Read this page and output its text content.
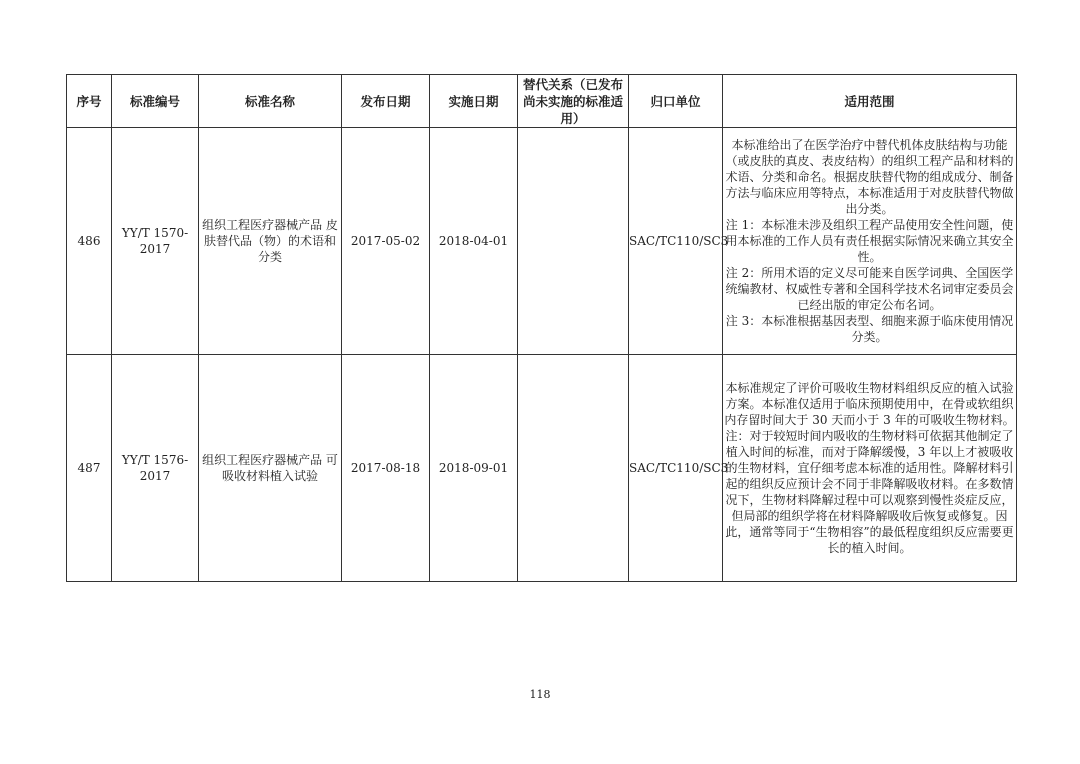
序号	标准编号	标准名称	发布日期	实施日期	替代关系（已发布尚未实施的标准适用）	归口单位	适用范围
486	YY/T 1570-2017	组织工程医疗器械产品 皮肤替代品（物）的术语和分类	2017-05-02	2018-04-01		SAC/TC110/SC3	本标准给出了在医学治疗中替代机体皮肤结构与功能（或皮肤的真皮、表皮结构）的组织工程产品和材料的术语、分类和命名。根据皮肤替代物的组成成分、制备方法与临床应用等特点，本标准适用于对皮肤替代物做出分类。
注 1：本标准未涉及组织工程产品使用安全性问题，使用本标准的工作人员有责任根据实际情况来确立其安全性。
注 2：所用术语的定义尽可能来自医学词典、全国医学统编教材、权威性专著和全国科学技术名词审定委员会已经出版的审定公布名词。
注 3：本标准根据基因表型、细胞来源于临床使用情况分类。

487	YY/T 1576-2017	组织工程医疗器械产品 可吸收材料植入试验	2017-08-18	2018-09-01		SAC/TC110/SC3	本标准规定了评价可吸收生物材料组织反应的植入试验方案。本标准仅适用于临床预期使用中，在骨或软组织内存留时间大于 30 天而小于 3 年的可吸收生物材料。
注：对于较短时间内吸收的生物材料可依据其他制定了植入时间的标准，而对于降解缓慢，3 年以上才被吸收的生物材料，宜仔细考虑本标准的适用性。降解材料引起的组织反应预计会不同于非降解吸收材料。在多数情况下，生物材料降解过程中可以观察到慢性炎症反应，但局部的组织学将在材料降解吸收后恢复或修复。因此，通常等同于“生物相容”的最低程度组织反应需要更长的植入时间。
118
